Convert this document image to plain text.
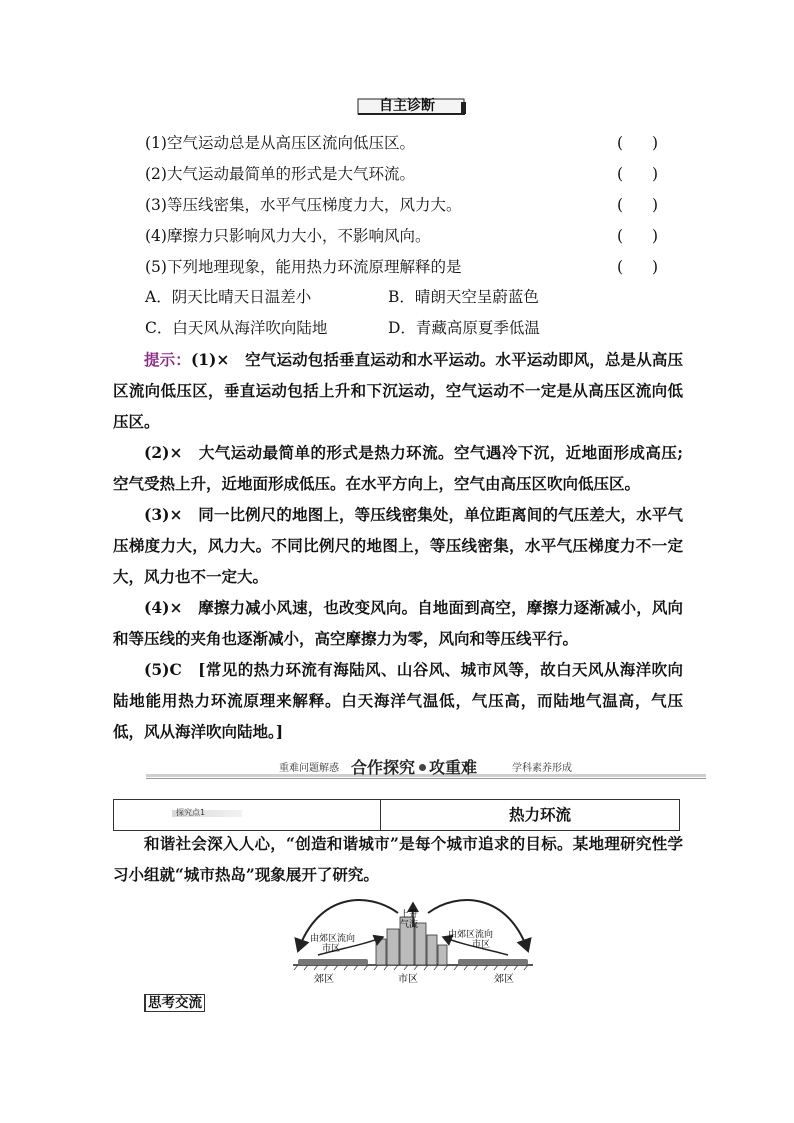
自主诊断
(1)空气运动总是从高压区流向低压区。	( )
(2)大气运动最简单的形式是大气环流。	( )
(3)等压线密集，水平气压梯度力大，风力大。	( )
(4)摩擦力只影响风力大小，不影响风向。	( )
(5)下列地理现象，能用热力环流原理解释的是	( )
A．阴天比晴天日温差小	B．晴朗天空呈蔚蓝色
C．白天风从海洋吹向陆地	D．青藏高原夏季低温
提示：(1)×　空气运动包括垂直运动和水平运动。水平运动即风，总是从高压区流向低压区，垂直运动包括上升和下沉运动，空气运动不一定是从高压区流向低压区。
(2)×　大气运动最简单的形式是热力环流。空气遇冷下沉，近地面形成高压;空气受热上升，近地面形成低压。在水平方向上，空气由高压区吹向低压区。
(3)×　同一比例尺的地图上，等压线密集处，单位距离间的气压差大，水平气压梯度力大，风力大。不同比例尺的地图上，等压线密集，水平气压梯度力不一定大，风力也不一定大。
(4)×　摩擦力减小风速，也改变风向。自地面到高空，摩擦力逐渐减小，风向和等压线的夹角也逐渐减小，高空摩擦力为零，风向和等压线平行。
(5)C　[常见的热力环流有海陆风、山谷风、城市风等，故白天风从海洋吹向陆地能用热力环流原理来解释。白天海洋气温低，气压高，而陆地气温高，气压低，风从海洋吹向陆地。]
重难问题解惑 合作探究 攻重难	学科素养形成
探究点1	热力环流
和谐社会深入人心，“创造和谐城市”是每个城市追求的目标。某地理研究性学习小组就“城市热岛”现象展开了研究。
由郊区流向
市区
上升
气流
由郊区流向
市区
郊区	市区	郊区
思考交流
